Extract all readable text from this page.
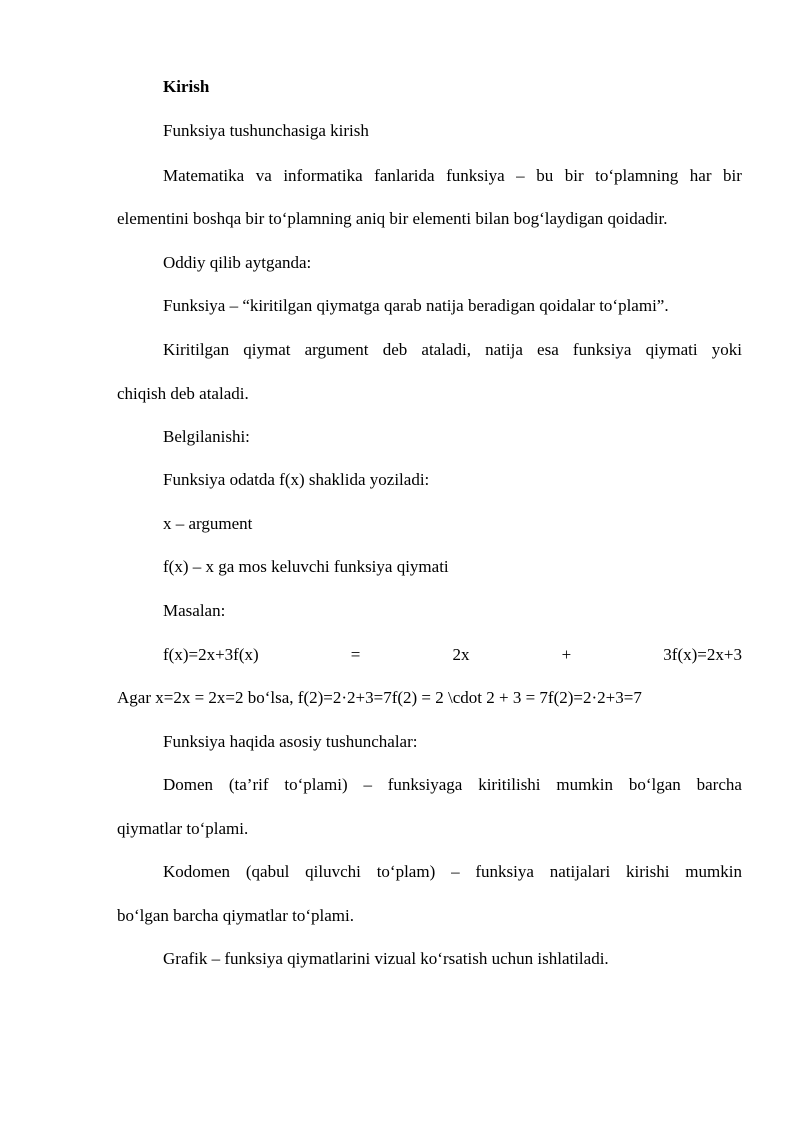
Kirish
Funksiya tushunchasiga kirish
Matematika va informatika fanlarida funksiya – bu bir to‘plamning har bir
elementini boshqa bir to‘plamning aniq bir elementi bilan bog‘laydigan qoidadir.
Oddiy qilib aytganda:
Funksiya – “kiritilgan qiymatga qarab natija beradigan qoidalar to‘plami”.
Kiritilgan qiymat argument deb ataladi, natija esa funksiya qiymati yoki
chiqish deb ataladi.
Belgilanishi:
Funksiya odatda f(x) shaklida yoziladi:
x – argument
f(x) – x ga mos keluvchi funksiya qiymati
Masalan:
f(x)=2x+3f(x)	=	2x	+	3f(x)=2x+3
Agar x=2x = 2x=2 bo‘lsa, f(2)=2·2+3=7f(2) = 2 \cdot 2 + 3 = 7f(2)=2·2+3=7
Funksiya haqida asosiy tushunchalar:
Domen (ta’rif to‘plami) – funksiyaga kiritilishi mumkin bo‘lgan barcha
qiymatlar to‘plami.
Kodomen (qabul qiluvchi to‘plam) – funksiya natijalari kirishi mumkin
bo‘lgan barcha qiymatlar to‘plami.
Grafik – funksiya qiymatlarini vizual ko‘rsatish uchun ishlatiladi.
